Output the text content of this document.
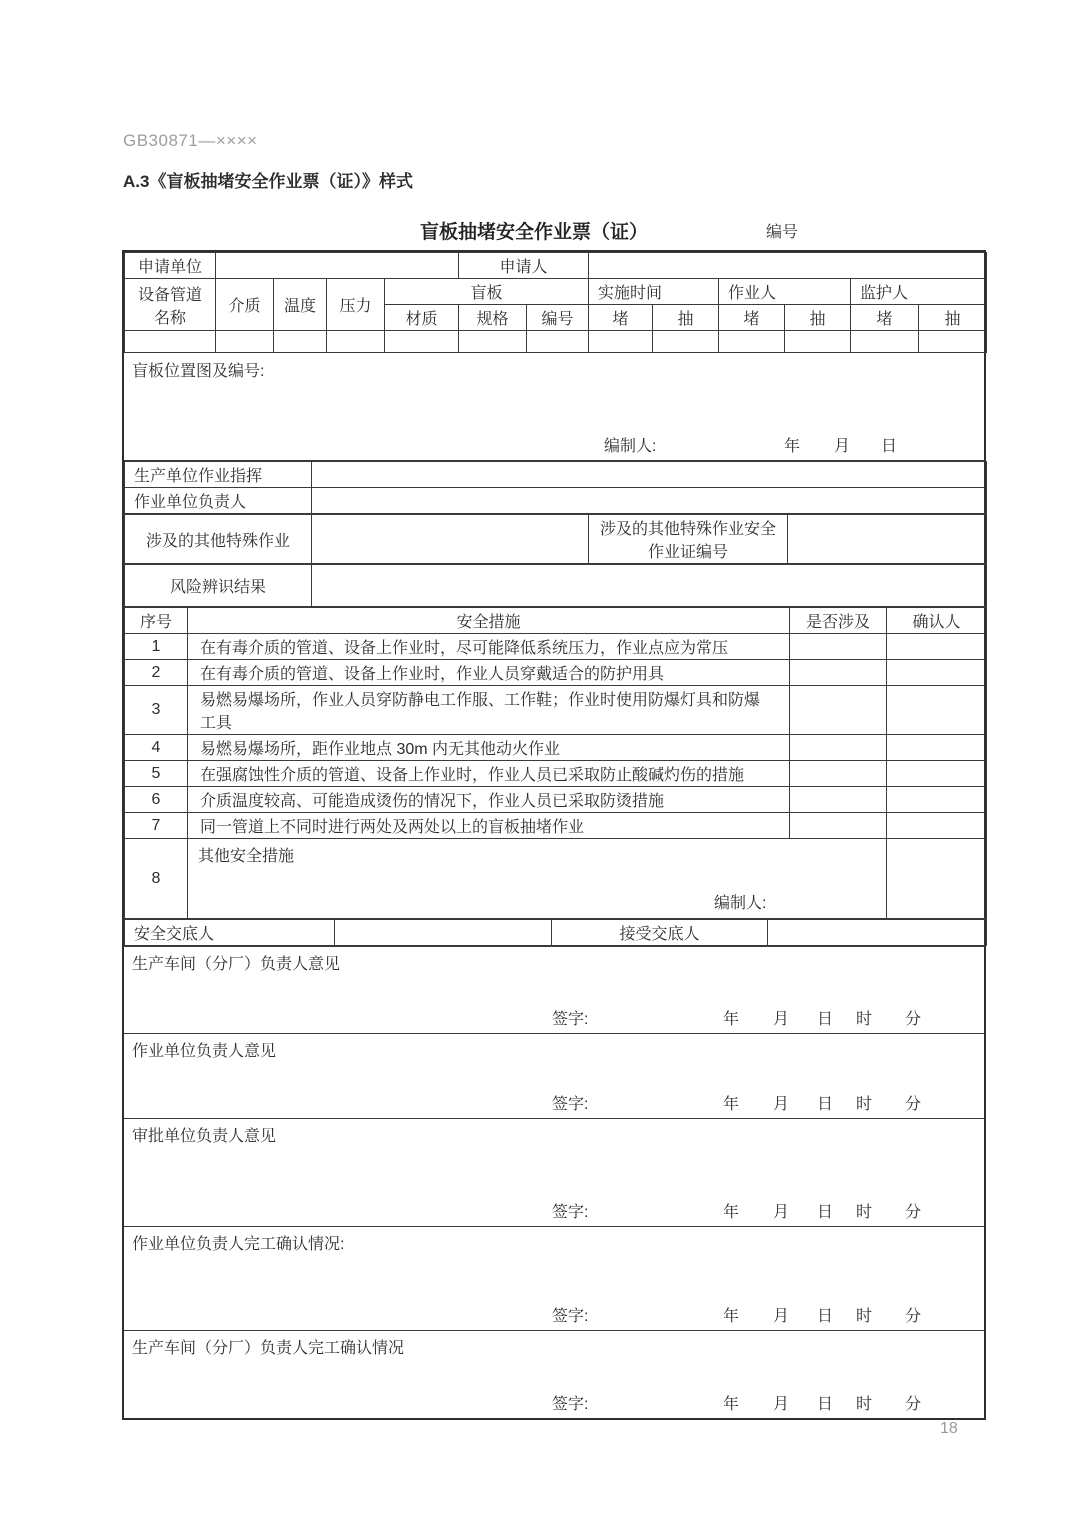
GB30871—××××
A.3《盲板抽堵安全作业票（证）》样式
盲板抽堵安全作业票（证）	编号
申请单位					申请人							
设备管道名称	介质	温度	压力	盲板			实施时间		作业人		监护人	
				材质	规格	编号	堵	抽	堵	抽	堵	抽

盲板位置图及编号:
编制人:	年 月 日
生产单位作业指挥	
作业单位负责人	
涉及的其他特殊作业		涉及的其他特殊作业安全作业证编号	
风险辨识结果	
序号	安全措施	是否涉及	确认人
1	在有毒介质的管道、设备上作业时，尽可能降低系统压力，作业点应为常压		
2	在有毒介质的管道、设备上作业时，作业人员穿戴适合的防护用具		
3	易燃易爆场所，作业人员穿防静电工作服、工作鞋；作业时使用防爆灯具和防爆工具		
4	易燃易爆场所，距作业地点 30m 内无其他动火作业		
5	在强腐蚀性介质的管道、设备上作业时，作业人员已采取防止酸碱灼伤的措施		
6	介质温度较高、可能造成烫伤的情况下，作业人员已采取防烫措施		
7	同一管道上不同时进行两处及两处以上的盲板抽堵作业		
8	其他安全措施
编制人:		

安全交底人		接受交底人	
生产车间（分厂）负责人意见
签字:	年 月 日 时 分
作业单位负责人意见
签字:	年 月 日 时 分
审批单位负责人意见
签字:	年 月 日 时 分
作业单位负责人完工确认情况:
签字:	年 月 日 时 分
生产车间（分厂）负责人完工确认情况
签字:	年 月 日 时 分
18
